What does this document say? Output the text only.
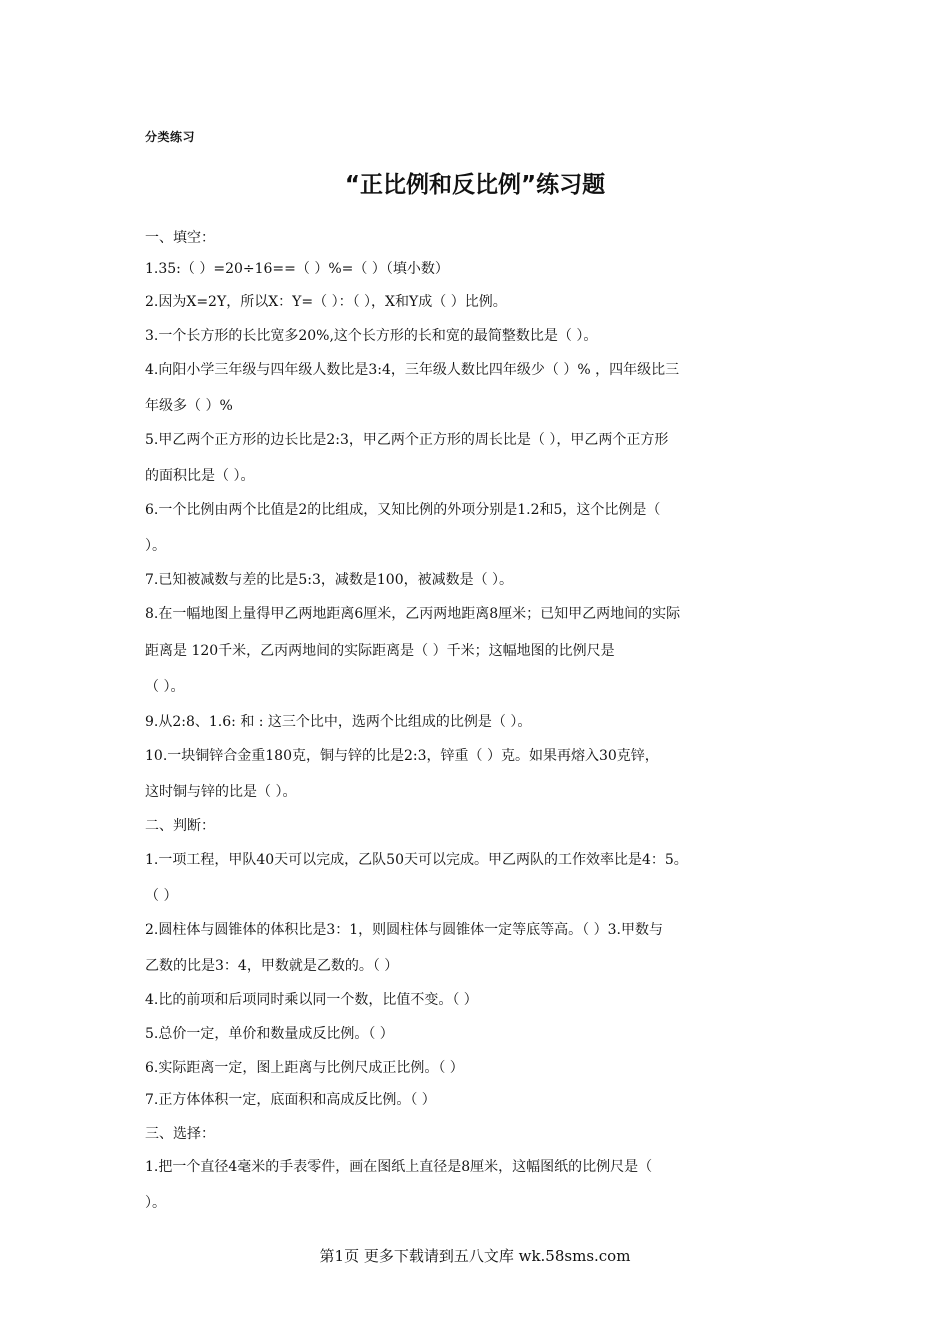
分类练习
“正比例和反比例”练习题
一、填空：
1.35:（ ）=20÷16==（ ）%=（ ）（填小数）
2.因为X=2Y，所以X：Y=（ ）：（ ），X和Y成（ ）比例。
3.一个长方形的长比宽多20%,这个长方形的长和宽的最简整数比是（ ）。
4.向阳小学三年级与四年级人数比是3:4，三年级人数比四年级少（ ）% ，四年级比三
年级多（ ）%
5.甲乙两个正方形的边长比是2:3，甲乙两个正方形的周长比是（ ），甲乙两个正方形
的面积比是（ ）。
6.一个比例由两个比值是2的比组成，又知比例的外项分别是1.2和5，这个比例是（
）。
7.已知被减数与差的比是5:3，减数是100，被减数是（ ）。
8.在一幅地图上量得甲乙两地距离6厘米，乙丙两地距离8厘米；已知甲乙两地间的实际
距离是 120千米，乙丙两地间的实际距离是（ ）千米；这幅地图的比例尺是
（ ）。
9.从2:8、1.6: 和 : 这三个比中，选两个比组成的比例是（ ）。
10.一块铜锌合金重180克，铜与锌的比是2:3，锌重（ ）克。如果再熔入30克锌，
这时铜与锌的比是（ ）。
二、判断：
1.一项工程，甲队40天可以完成，乙队50天可以完成。甲乙两队的工作效率比是4：5。
（ ）
2.圆柱体与圆锥体的体积比是3：1，则圆柱体与圆锥体一定等底等高。（ ）3.甲数与
乙数的比是3：4，甲数就是乙数的。（ ）
4.比的前项和后项同时乘以同一个数，比值不变。（ ）
5.总价一定，单价和数量成反比例。（ ）
6.实际距离一定，图上距离与比例尺成正比例。（ ）
7.正方体体积一定，底面积和高成反比例。（ ）
三、选择：
1.把一个直径4毫米的手表零件，画在图纸上直径是8厘米，这幅图纸的比例尺是（
）。
第1页 更多下载请到五八文库 wk.58sms.com
